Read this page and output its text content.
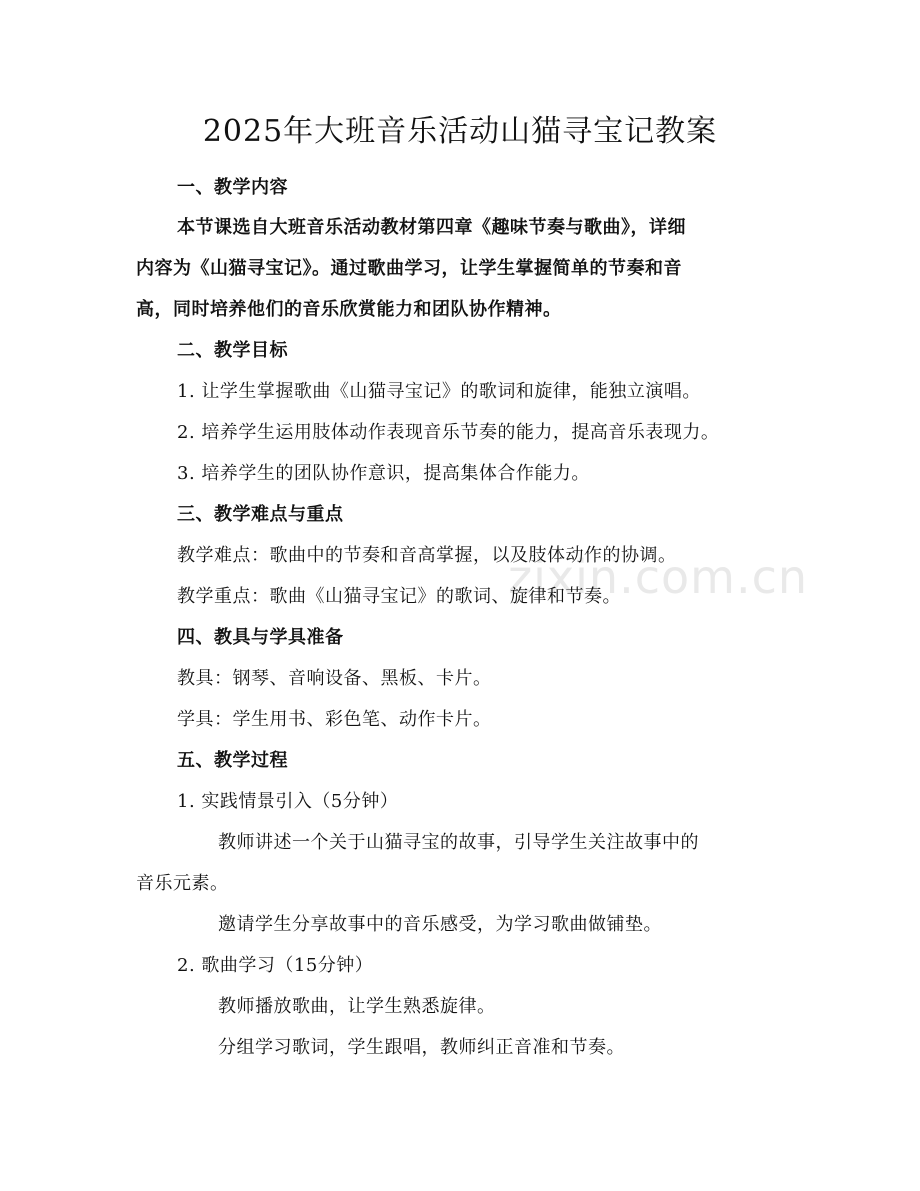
zixin.com.cn
2025年大班音乐活动山猫寻宝记教案
一、教学内容
本节课选自大班音乐活动教材第四章《趣味节奏与歌曲》，详细
内容为《山猫寻宝记》。通过歌曲学习，让学生掌握简单的节奏和音
高，同时培养他们的音乐欣赏能力和团队协作精神。
二、教学目标
1. 让学生掌握歌曲《山猫寻宝记》的歌词和旋律，能独立演唱。
2. 培养学生运用肢体动作表现音乐节奏的能力，提高音乐表现力。
3. 培养学生的团队协作意识，提高集体合作能力。
三、教学难点与重点
教学难点：歌曲中的节奏和音高掌握，以及肢体动作的协调。
教学重点：歌曲《山猫寻宝记》的歌词、旋律和节奏。
四、教具与学具准备
教具：钢琴、音响设备、黑板、卡片。
学具：学生用书、彩色笔、动作卡片。
五、教学过程
1. 实践情景引入（5分钟）
教师讲述一个关于山猫寻宝的故事，引导学生关注故事中的
音乐元素。
邀请学生分享故事中的音乐感受，为学习歌曲做铺垫。
2. 歌曲学习（15分钟）
教师播放歌曲，让学生熟悉旋律。
分组学习歌词，学生跟唱，教师纠正音准和节奏。
